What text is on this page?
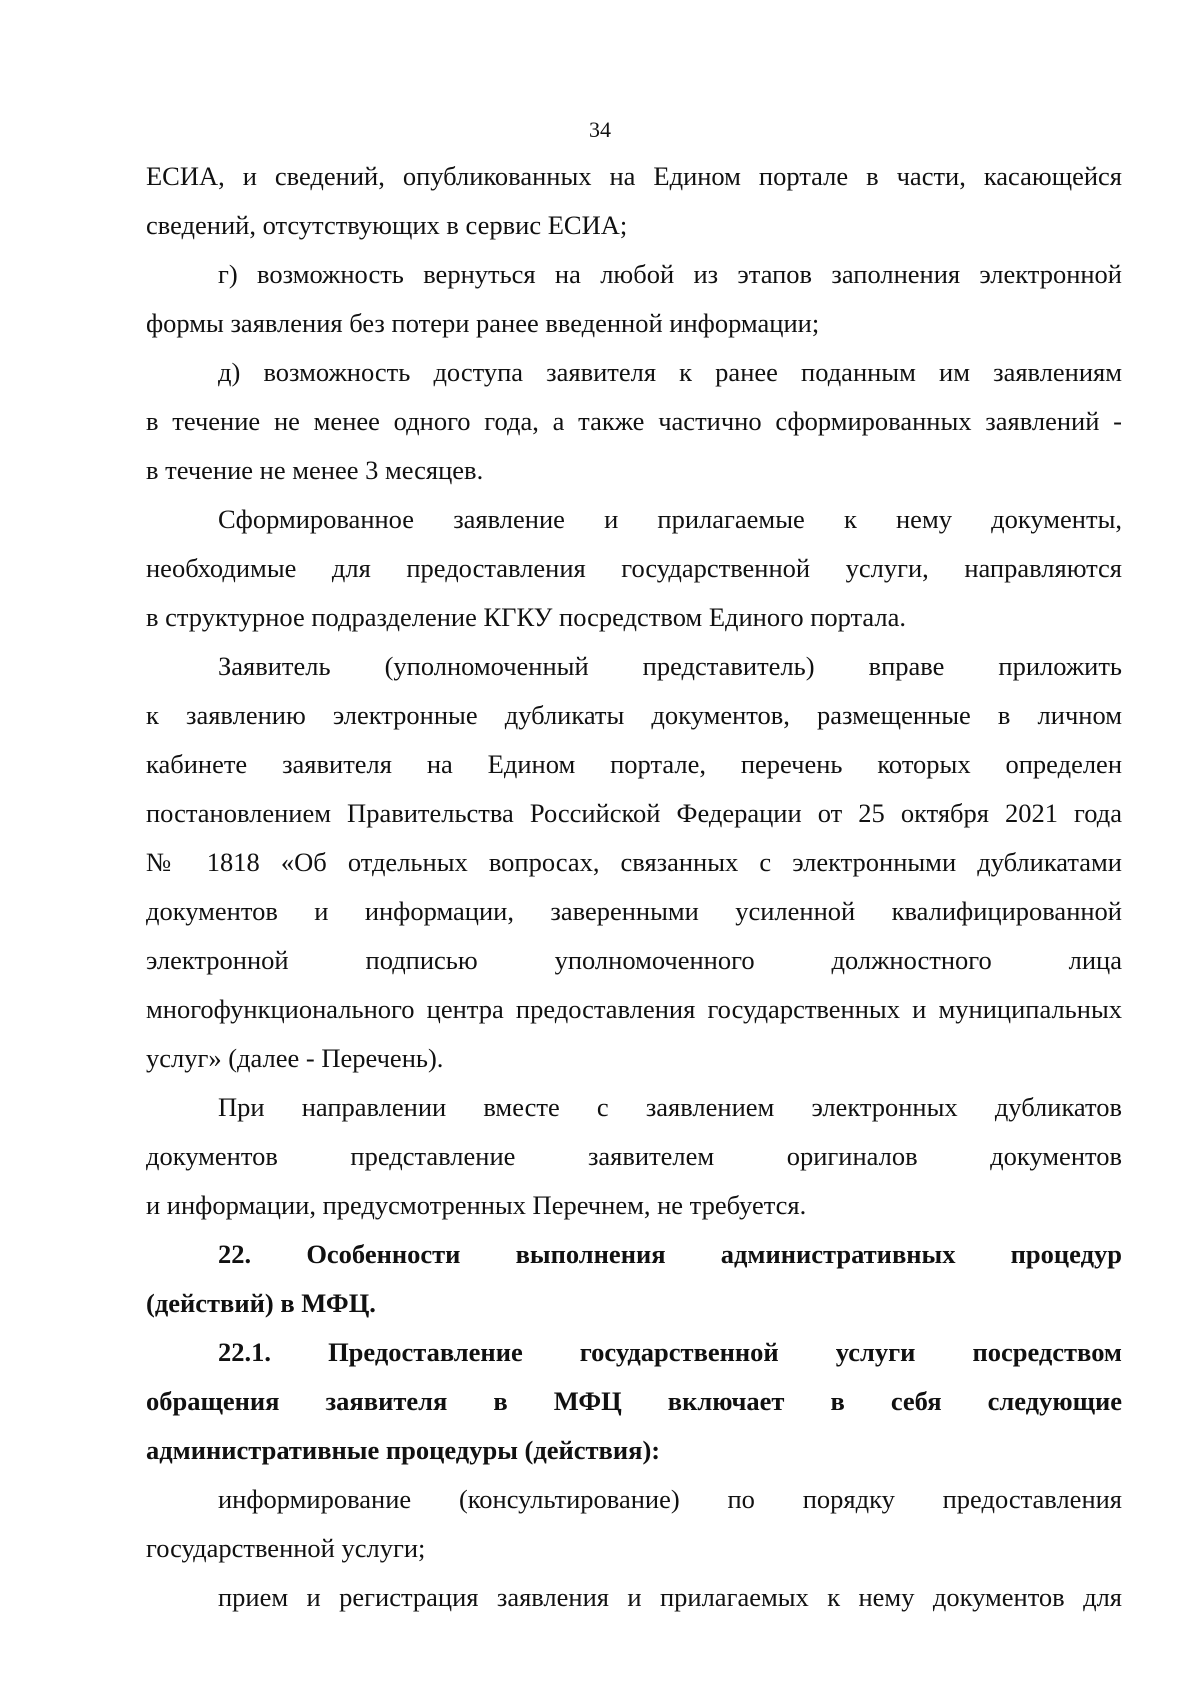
34
ЕСИА, и сведений, опубликованных на Едином портале в части, касающейся
сведений, отсутствующих в сервис ЕСИА;
г) возможность вернуться на любой из этапов заполнения электронной
формы заявления без потери ранее введенной информации;
д) возможность доступа заявителя к ранее поданным им заявлениям
в течение не менее одного года, а также частично сформированных заявлений -
в течение не менее 3 месяцев.
Сформированное заявление и прилагаемые к нему документы,
необходимые для предоставления государственной услуги, направляются
в структурное подразделение КГКУ посредством Единого портала.
Заявитель (уполномоченный представитель) вправе приложить
к заявлению электронные дубликаты документов, размещенные в личном
кабинете заявителя на Едином портале, перечень которых определен
постановлением Правительства Российской Федерации от 25 октября 2021 года
№ 1818 «Об отдельных вопросах, связанных с электронными дубликатами
документов и информации, заверенными усиленной квалифицированной
электронной подписью уполномоченного должностного лица
многофункционального центра предоставления государственных и муниципальных
услуг» (далее - Перечень).
При направлении вместе с заявлением электронных дубликатов
документов представление заявителем оригиналов документов
и информации, предусмотренных Перечнем, не требуется.
22. Особенности выполнения административных процедур
(действий) в МФЦ.
22.1. Предоставление государственной услуги посредством
обращения заявителя в МФЦ включает в себя следующие
административные процедуры (действия):
информирование (консультирование) по порядку предоставления
государственной услуги;
прием и регистрация заявления и прилагаемых к нему документов для
